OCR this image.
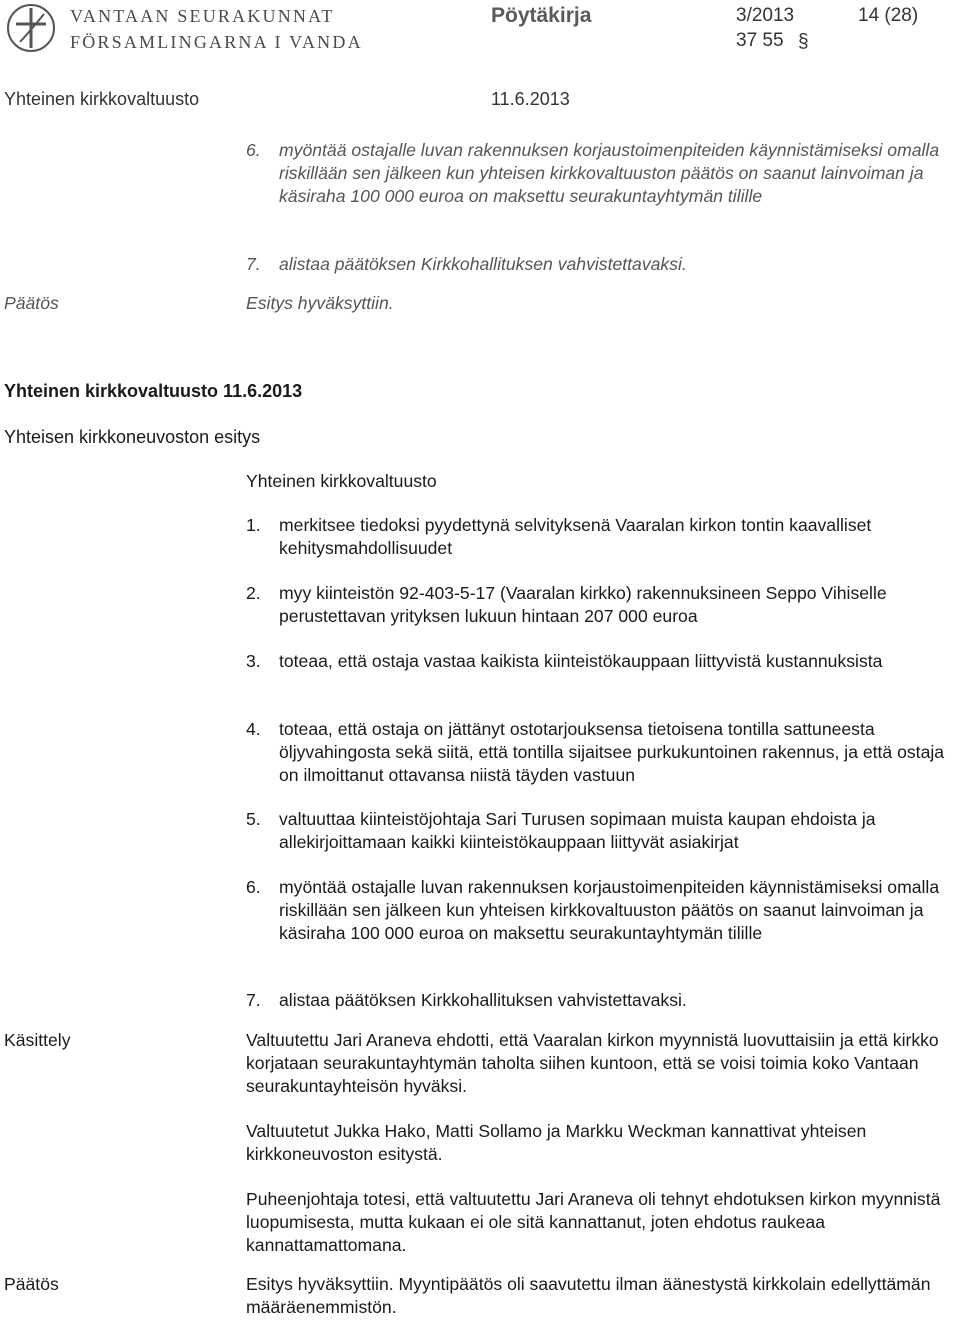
VANTAAN SEURAKUNNAT
FÖRSAMLINGARNA I VANDA
Pöytäkirja	3/2013	14 (28)
37 55 §
Yhteinen kirkkovaltuusto	11.6.2013
6. myöntää ostajalle luvan rakennuksen korjaustoimenpiteiden käynnistämiseksi omalla riskillään sen jälkeen kun yhteisen kirkkovaltuuston päätös on saanut lainvoiman ja käsiraha 100 000 euroa on maksettu seurakuntayhtymän tilille
7. alistaa päätöksen Kirkkohallituksen vahvistettavaksi.
Päätös	Esitys hyväksyttiin.
Yhteinen kirkkovaltuusto 11.6.2013
Yhteisen kirkkoneuvoston esitys
Yhteinen kirkkovaltuusto
1. merkitsee tiedoksi pyydettynä selvityksenä Vaaralan kirkon tontin kaavalliset kehitysmahdollisuudet
2. myy kiinteistön 92-403-5-17 (Vaaralan kirkko) rakennuksineen Seppo Vihiselle perustettavan yrityksen lukuun hintaan 207 000 euroa
3. toteaa, että ostaja vastaa kaikista kiinteistökauppaan liittyvistä kustannuksista
4. toteaa, että ostaja on jättänyt ostotarjouksensa tietoisena tontilla sattuneesta öljyvahingosta sekä siitä, että tontilla sijaitsee purkukuntoinen rakennus, ja että ostaja on ilmoittanut ottavansa niistä täyden vastuun
5. valtuuttaa kiinteistöjohtaja Sari Turusen sopimaan muista kaupan ehdoista ja allekirjoittamaan kaikki kiinteistökauppaan liittyvät asiakirjat
6. myöntää ostajalle luvan rakennuksen korjaustoimenpiteiden käynnistämiseksi omalla riskillään sen jälkeen kun yhteisen kirkkovaltuuston päätös on saanut lainvoiman ja käsiraha 100 000 euroa on maksettu seurakuntayhtymän tilille
7. alistaa päätöksen Kirkkohallituksen vahvistettavaksi.
Käsittely	Valtuutettu Jari Araneva ehdotti, että Vaaralan kirkon myynnistä luovuttaisiin ja että kirkko korjataan seurakuntayhtymän taholta siihen kuntoon, että se voisi toimia koko Vantaan seurakuntayhteisön hyväksi.
Valtuutetut Jukka Hako, Matti Sollamo ja Markku Weckman kannattivat yhteisen kirkkoneuvoston esitystä.
Puheenjohtaja totesi, että valtuutettu Jari Araneva oli tehnyt ehdotuksen kirkon myynnistä luopumisesta, mutta kukaan ei ole sitä kannattanut, joten ehdotus raukeaa kannattamattomana.
Päätös	Esitys hyväksyttiin. Myyntipäätös oli saavutettu ilman äänestystä kirkkolain edellyttämän määräenemmistön.
